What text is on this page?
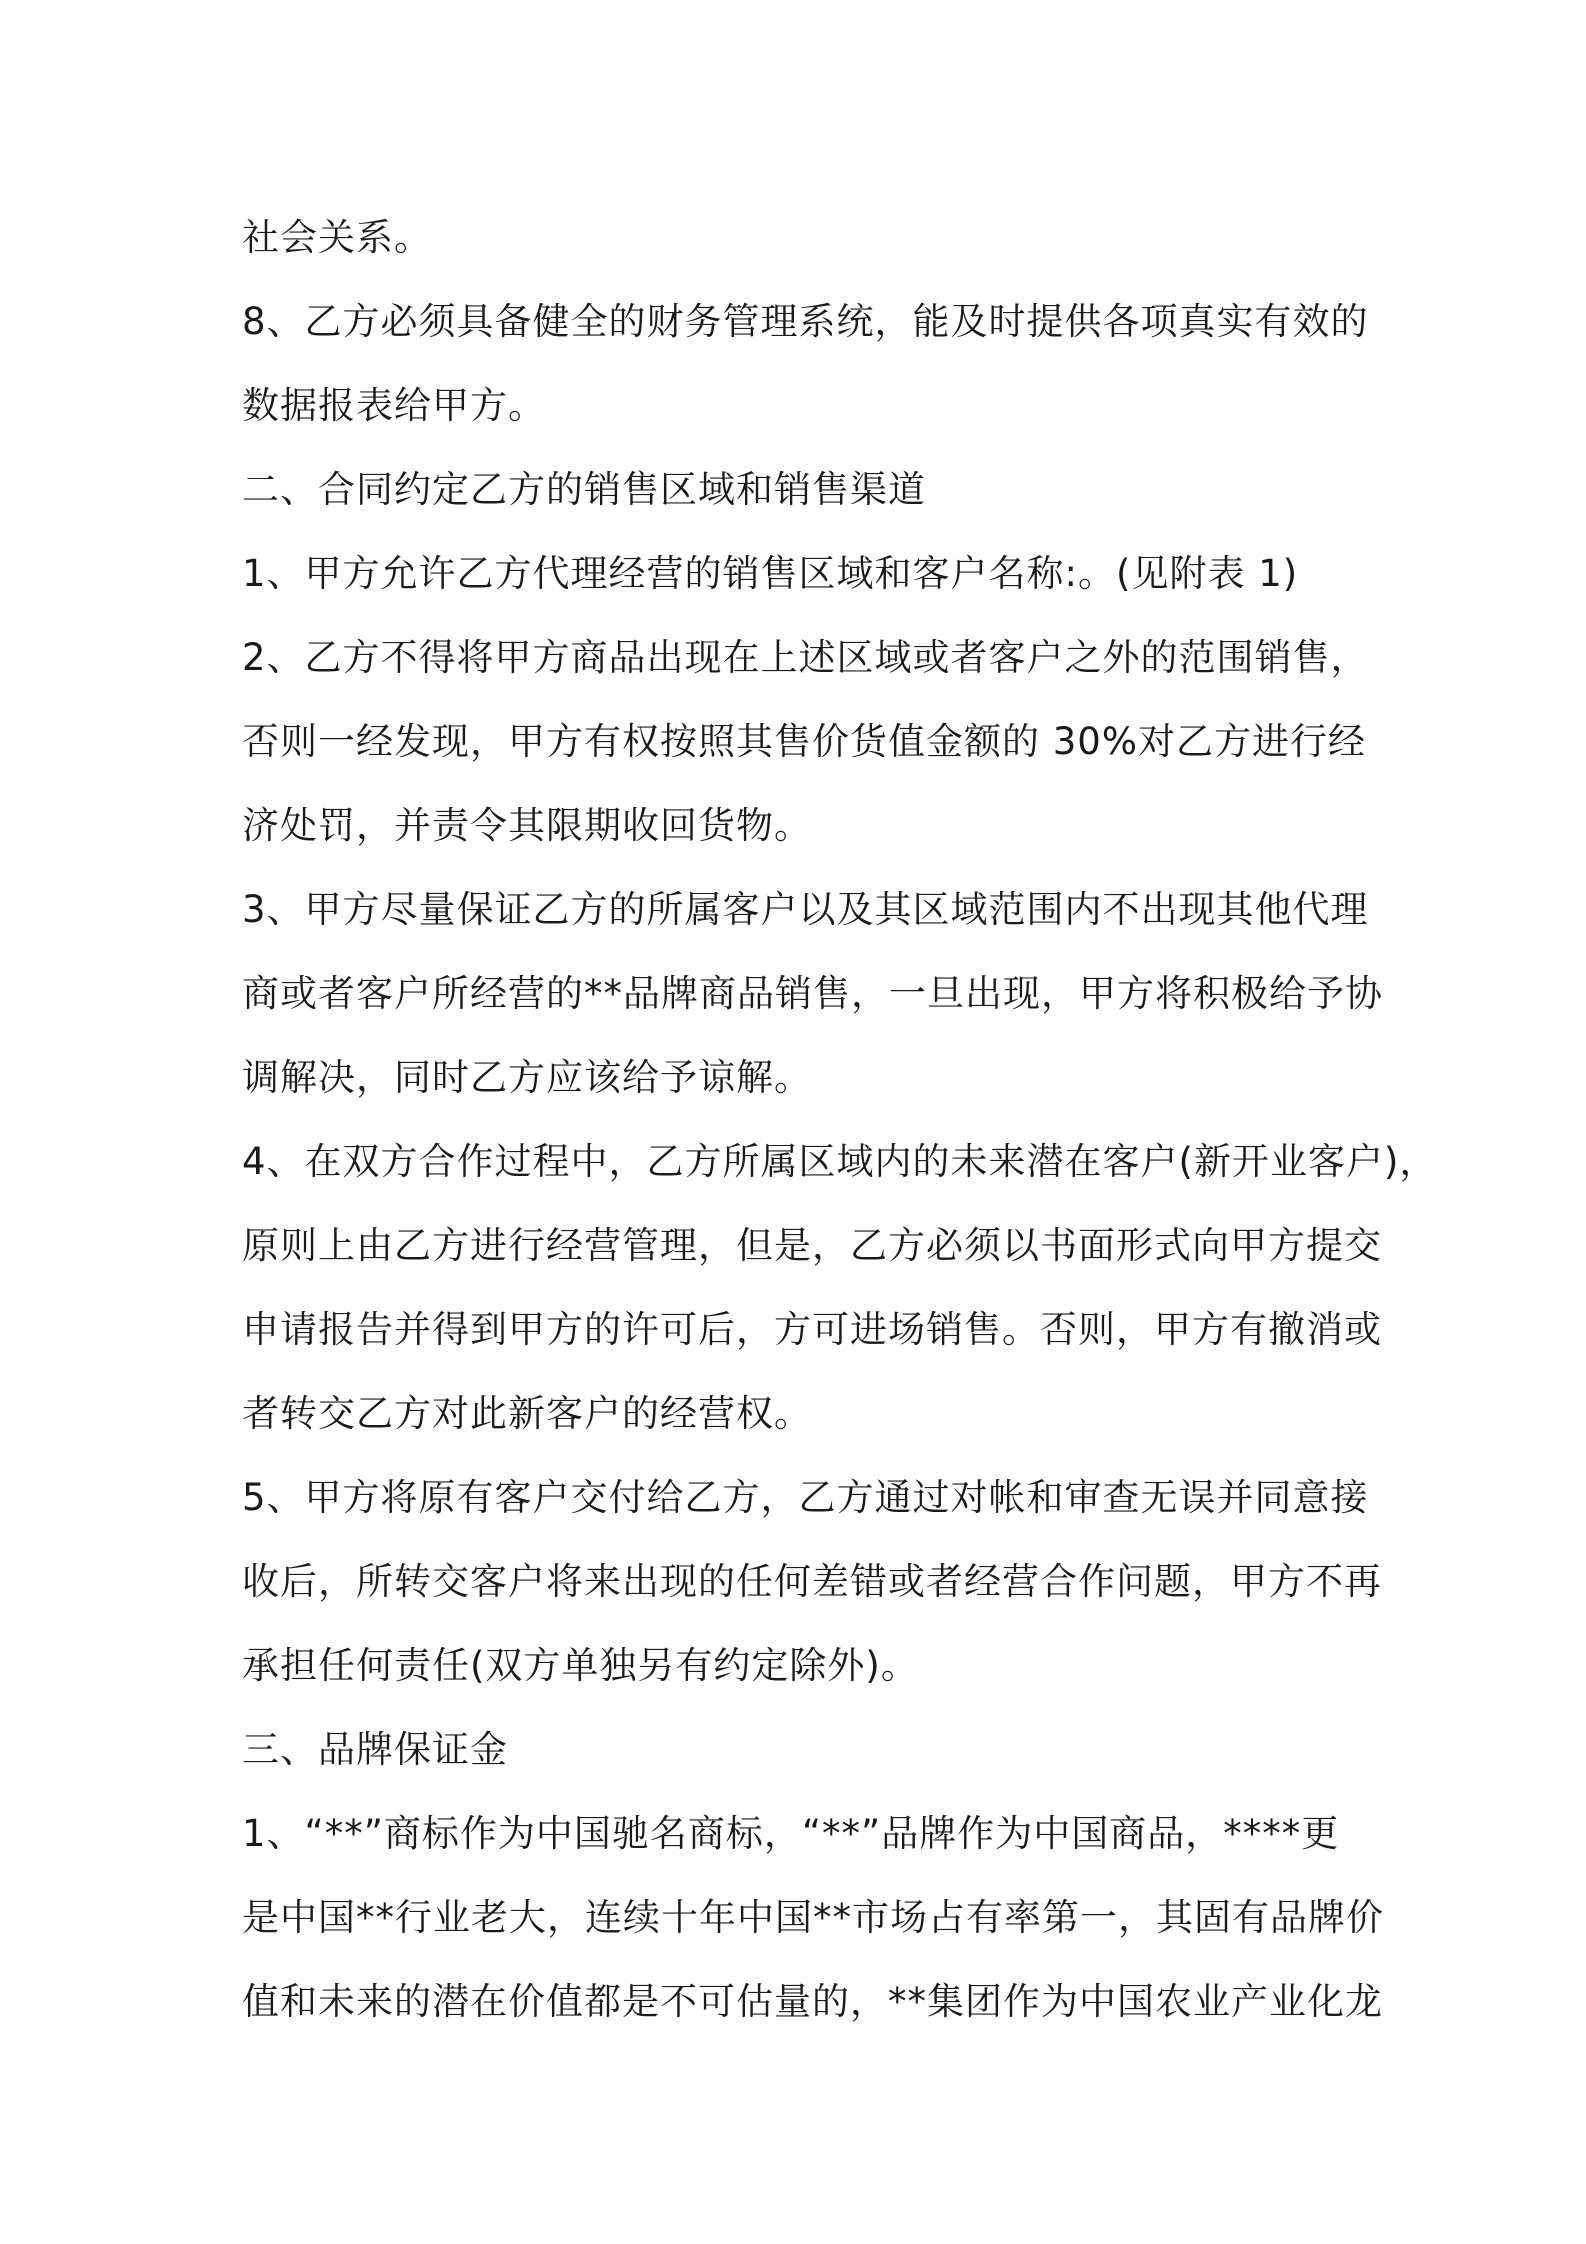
社会关系。
8、乙方必须具备健全的财务管理系统，能及时提供各项真实有效的
数据报表给甲方。
二、合同约定乙方的销售区域和销售渠道
1、甲方允许乙方代理经营的销售区域和客户名称:。(见附表 1)
2、乙方不得将甲方商品出现在上述区域或者客户之外的范围销售，
否则一经发现，甲方有权按照其售价货值金额的 30%对乙方进行经
济处罚，并责令其限期收回货物。
3、甲方尽量保证乙方的所属客户以及其区域范围内不出现其他代理
商或者客户所经营的**品牌商品销售，一旦出现，甲方将积极给予协
调解决，同时乙方应该给予谅解。
4、在双方合作过程中，乙方所属区域内的未来潜在客户(新开业客户)，
原则上由乙方进行经营管理，但是，乙方必须以书面形式向甲方提交
申请报告并得到甲方的许可后，方可进场销售。否则，甲方有撤消或
者转交乙方对此新客户的经营权。
5、甲方将原有客户交付给乙方，乙方通过对帐和审查无误并同意接
收后，所转交客户将来出现的任何差错或者经营合作问题，甲方不再
承担任何责任(双方单独另有约定除外)。
三、品牌保证金
1、“**”商标作为中国驰名商标，“**”品牌作为中国商品，****更
是中国**行业老大，连续十年中国**市场占有率第一，其固有品牌价
值和未来的潜在价值都是不可估量的，**集团作为中国农业产业化龙
